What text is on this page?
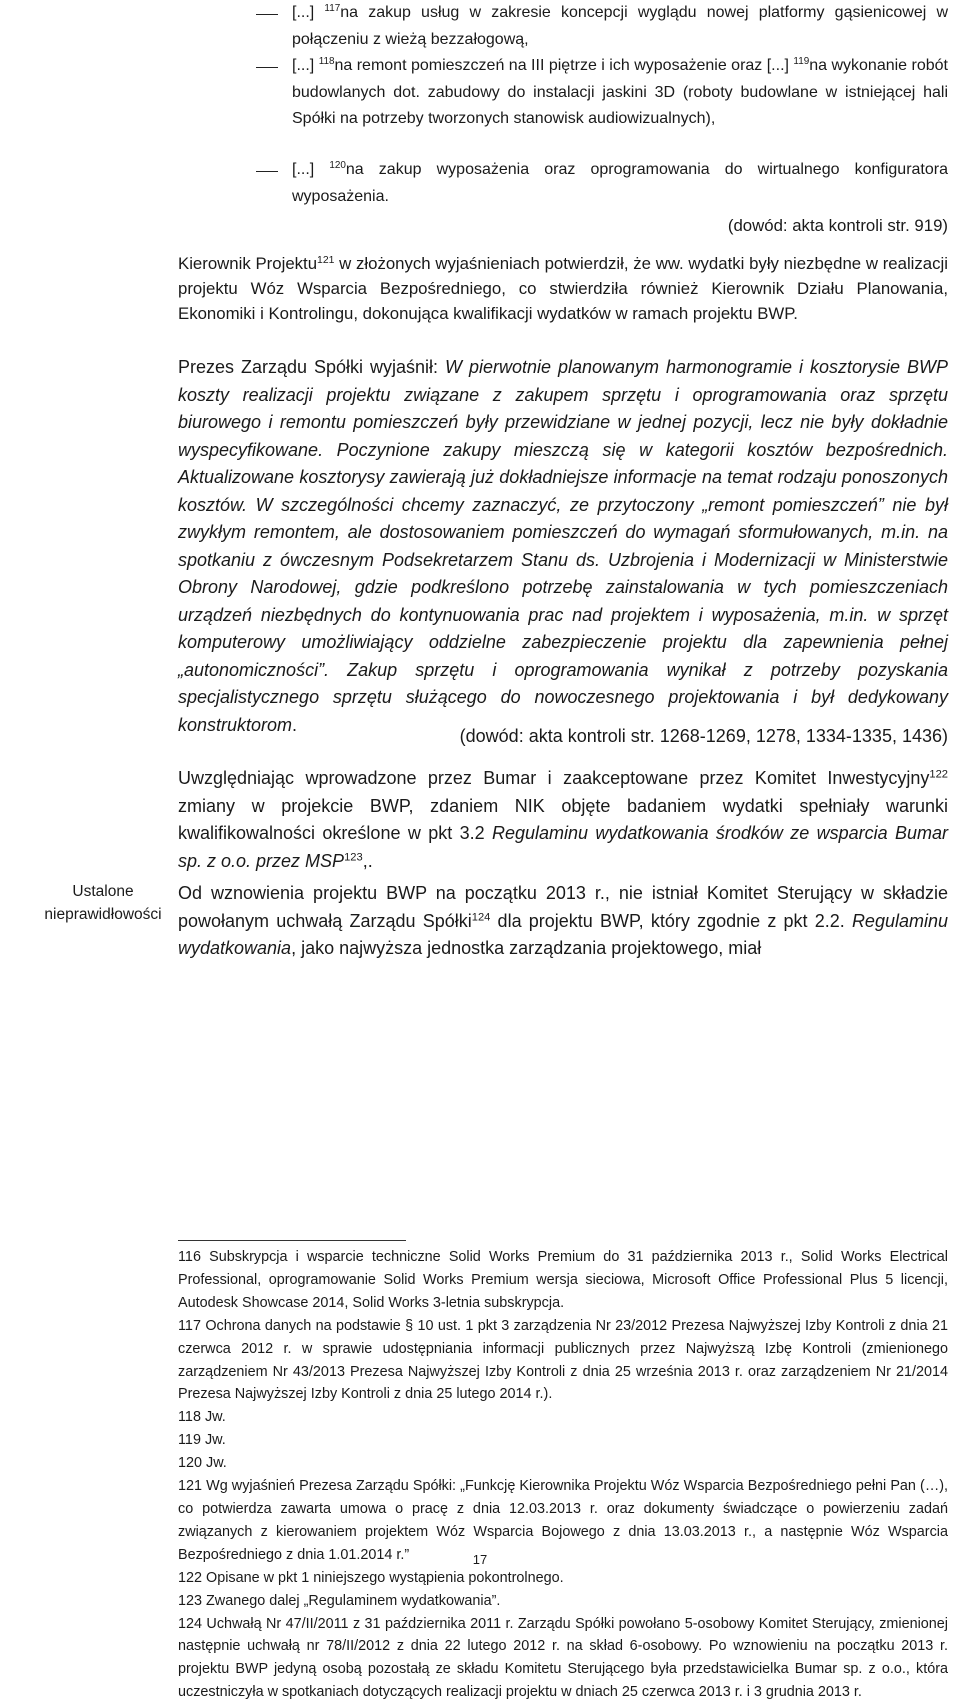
[...] $^{117}$na zakup usług w zakresie koncepcji wyglądu nowej platformy gąsienicowej w połączeniu z wieżą bezzałogową,
[...] $^{118}$na remont pomieszczeń na III piętrze i ich wyposażenie oraz [...] $^{119}$na wykonanie robót budowlanych dot. zabudowy do instalacji jaskini 3D (roboty budowlane w istniejącej hali Spółki na potrzeby tworzonych stanowisk audiowizualnych),
[...] $^{120}$na zakup wyposażenia oraz oprogramowania do wirtualnego konfiguratora wyposażenia.
(dowód: akta kontroli str. 919)
Kierownik Projektu$^{121}$ w złożonych wyjaśnieniach potwierdził, że ww. wydatki były niezbędne w realizacji projektu Wóz Wsparcia Bezpośredniego, co stwierdziła również Kierownik Działu Planowania, Ekonomiki i Kontrolingu, dokonująca kwalifikacji wydatków w ramach projektu BWP.
Prezes Zarządu Spółki wyjaśnił: W pierwotnie planowanym harmonogramie i kosztorysie BWP koszty realizacji projektu związane z zakupem sprzętu i oprogramowania oraz sprzętu biurowego i remontu pomieszczeń były przewidziane w jednej pozycji, lecz nie były dokładnie wyspecyfikowane. Poczynione zakupy mieszczą się w kategorii kosztów bezpośrednich. Aktualizowane kosztorysy zawierają już dokładniejsze informacje na temat rodzaju ponoszonych kosztów. W szczególności chcemy zaznaczyć, ze przytoczony „remont pomieszczeń” nie był zwykłym remontem, ale dostosowaniem pomieszczeń do wymagań sformułowanych, m.in. na spotkaniu z ówczesnym Podsekretarzem Stanu ds. Uzbrojenia i Modernizacji w Ministerstwie Obrony Narodowej, gdzie podkreślono potrzebę zainstalowania w tych pomieszczeniach urządzeń niezbędnych do kontynuowania prac nad projektem i wyposażenia, m.in. w sprzęt komputerowy umożliwiający oddzielne zabezpieczenie projektu dla zapewnienia pełnej „autonomiczności”. Zakup sprzętu i oprogramowania wynikał z potrzeby pozyskania specjalistycznego sprzętu służącego do nowoczesnego projektowania i był dedykowany konstruktorom.
(dowód: akta kontroli str. 1268-1269, 1278, 1334-1335, 1436)
Uwzględniając wprowadzone przez Bumar i zaakceptowane przez Komitet Inwestycyjny$^{122}$ zmiany w projekcie BWP, zdaniem NIK objęte badaniem wydatki spełniały warunki kwalifikowalności określone w pkt 3.2 Regulaminu wydatkowania środków ze wsparcia Bumar sp. z o.o. przez MSP$^{123}$,.
Ustalone nieprawidłowości
Od wznowienia projektu BWP na początku 2013 r., nie istniał Komitet Sterujący w składzie powołanym uchwałą Zarządu Spółki$^{124}$ dla projektu BWP, który zgodnie z pkt 2.2. Regulaminu wydatkowania, jako najwyższa jednostka zarządzania projektowego, miał
116 Subskrypcja i wsparcie techniczne Solid Works Premium do 31 października 2013 r., Solid Works Electrical Professional, oprogramowanie Solid Works Premium wersja sieciowa, Microsoft Office Professional Plus 5 licencji, Autodesk Showcase 2014, Solid Works 3-letnia subskrypcja.
117 Ochrona danych na podstawie § 10 ust. 1 pkt 3 zarządzenia Nr 23/2012 Prezesa Najwyższej Izby Kontroli z dnia 21 czerwca 2012 r. w sprawie udostępniania informacji publicznych przez Najwyższą Izbę Kontroli (zmienionego zarządzeniem Nr 43/2013 Prezesa Najwyższej Izby Kontroli z dnia 25 września 2013 r. oraz zarządzeniem Nr 21/2014 Prezesa Najwyższej Izby Kontroli z dnia 25 lutego 2014 r.).
118 Jw.
119 Jw.
120 Jw.
121 Wg wyjaśnień Prezesa Zarządu Spółki: „Funkcję Kierownika Projektu Wóz Wsparcia Bezpośredniego pełni Pan (…), co potwierdza zawarta umowa o pracę z dnia 12.03.2013 r. oraz dokumenty świadczące o powierzeniu zadań związanych z kierowaniem projektem Wóz Wsparcia Bojowego z dnia 13.03.2013 r., a następnie Wóz Wsparcia Bezpośredniego z dnia 1.01.2014 r.”
122 Opisane w pkt 1 niniejszego wystąpienia pokontrolnego.
123 Zwanego dalej „Regulaminem wydatkowania”.
124 Uchwałą Nr 47/II/2011 z 31 października 2011 r. Zarządu Spółki powołano 5-osobowy Komitet Sterujący, zmienionej następnie uchwałą nr 78/II/2012 z dnia 22 lutego 2012 r. na skład 6-osobowy. Po wznowieniu na początku 2013 r. projektu BWP jedyną osobą pozostałą ze składu Komitetu Sterującego była przedstawicielka Bumar sp. z o.o., która uczestniczyła w spotkaniach dotyczących realizacji projektu w dniach 25 czerwca 2013 r. i 3 grudnia 2013 r.
17
